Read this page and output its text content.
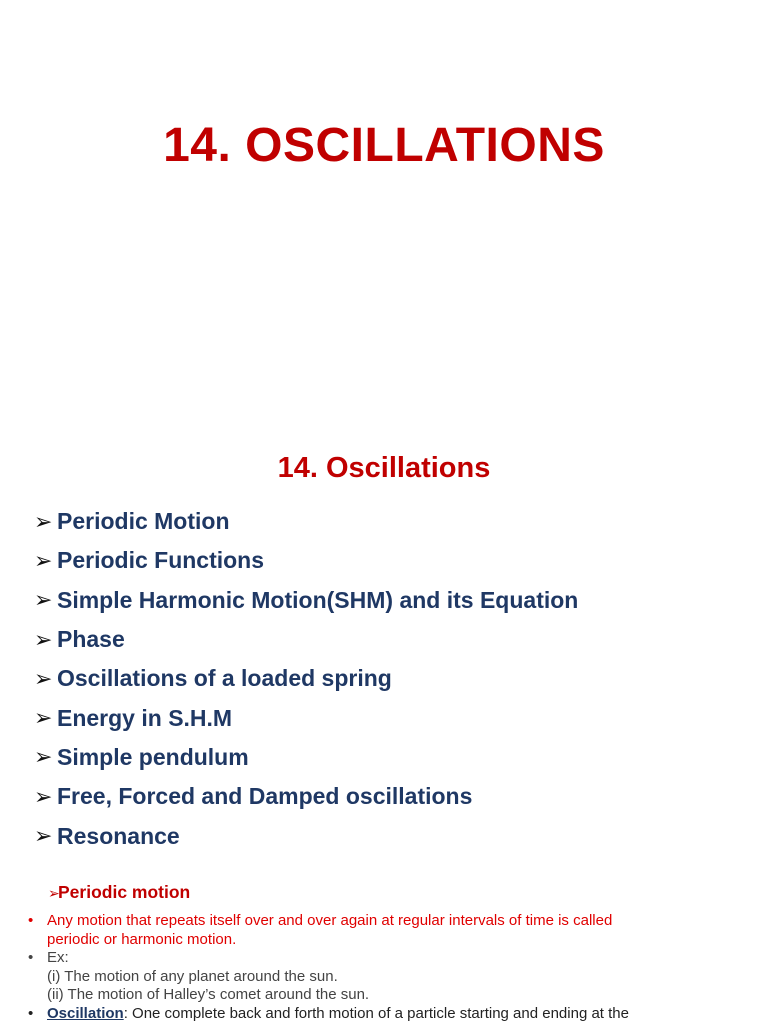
14. OSCILLATIONS
14. Oscillations
➢ Periodic Motion
➢ Periodic Functions
➢ Simple Harmonic Motion(SHM) and its Equation
➢ Phase
➢ Oscillations of a loaded spring
➢ Energy in S.H.M
➢ Simple pendulum
➢ Free, Forced and Damped oscillations
➢ Resonance
➢Periodic motion
• Any motion that repeats itself over and over again at regular intervals of time is called
periodic or harmonic motion.
• Ex:
(i) The motion of any planet around the sun.
(ii) The motion of Halley’s comet around the sun.
• Oscillation: One complete back and forth motion of a particle starting and ending at the
